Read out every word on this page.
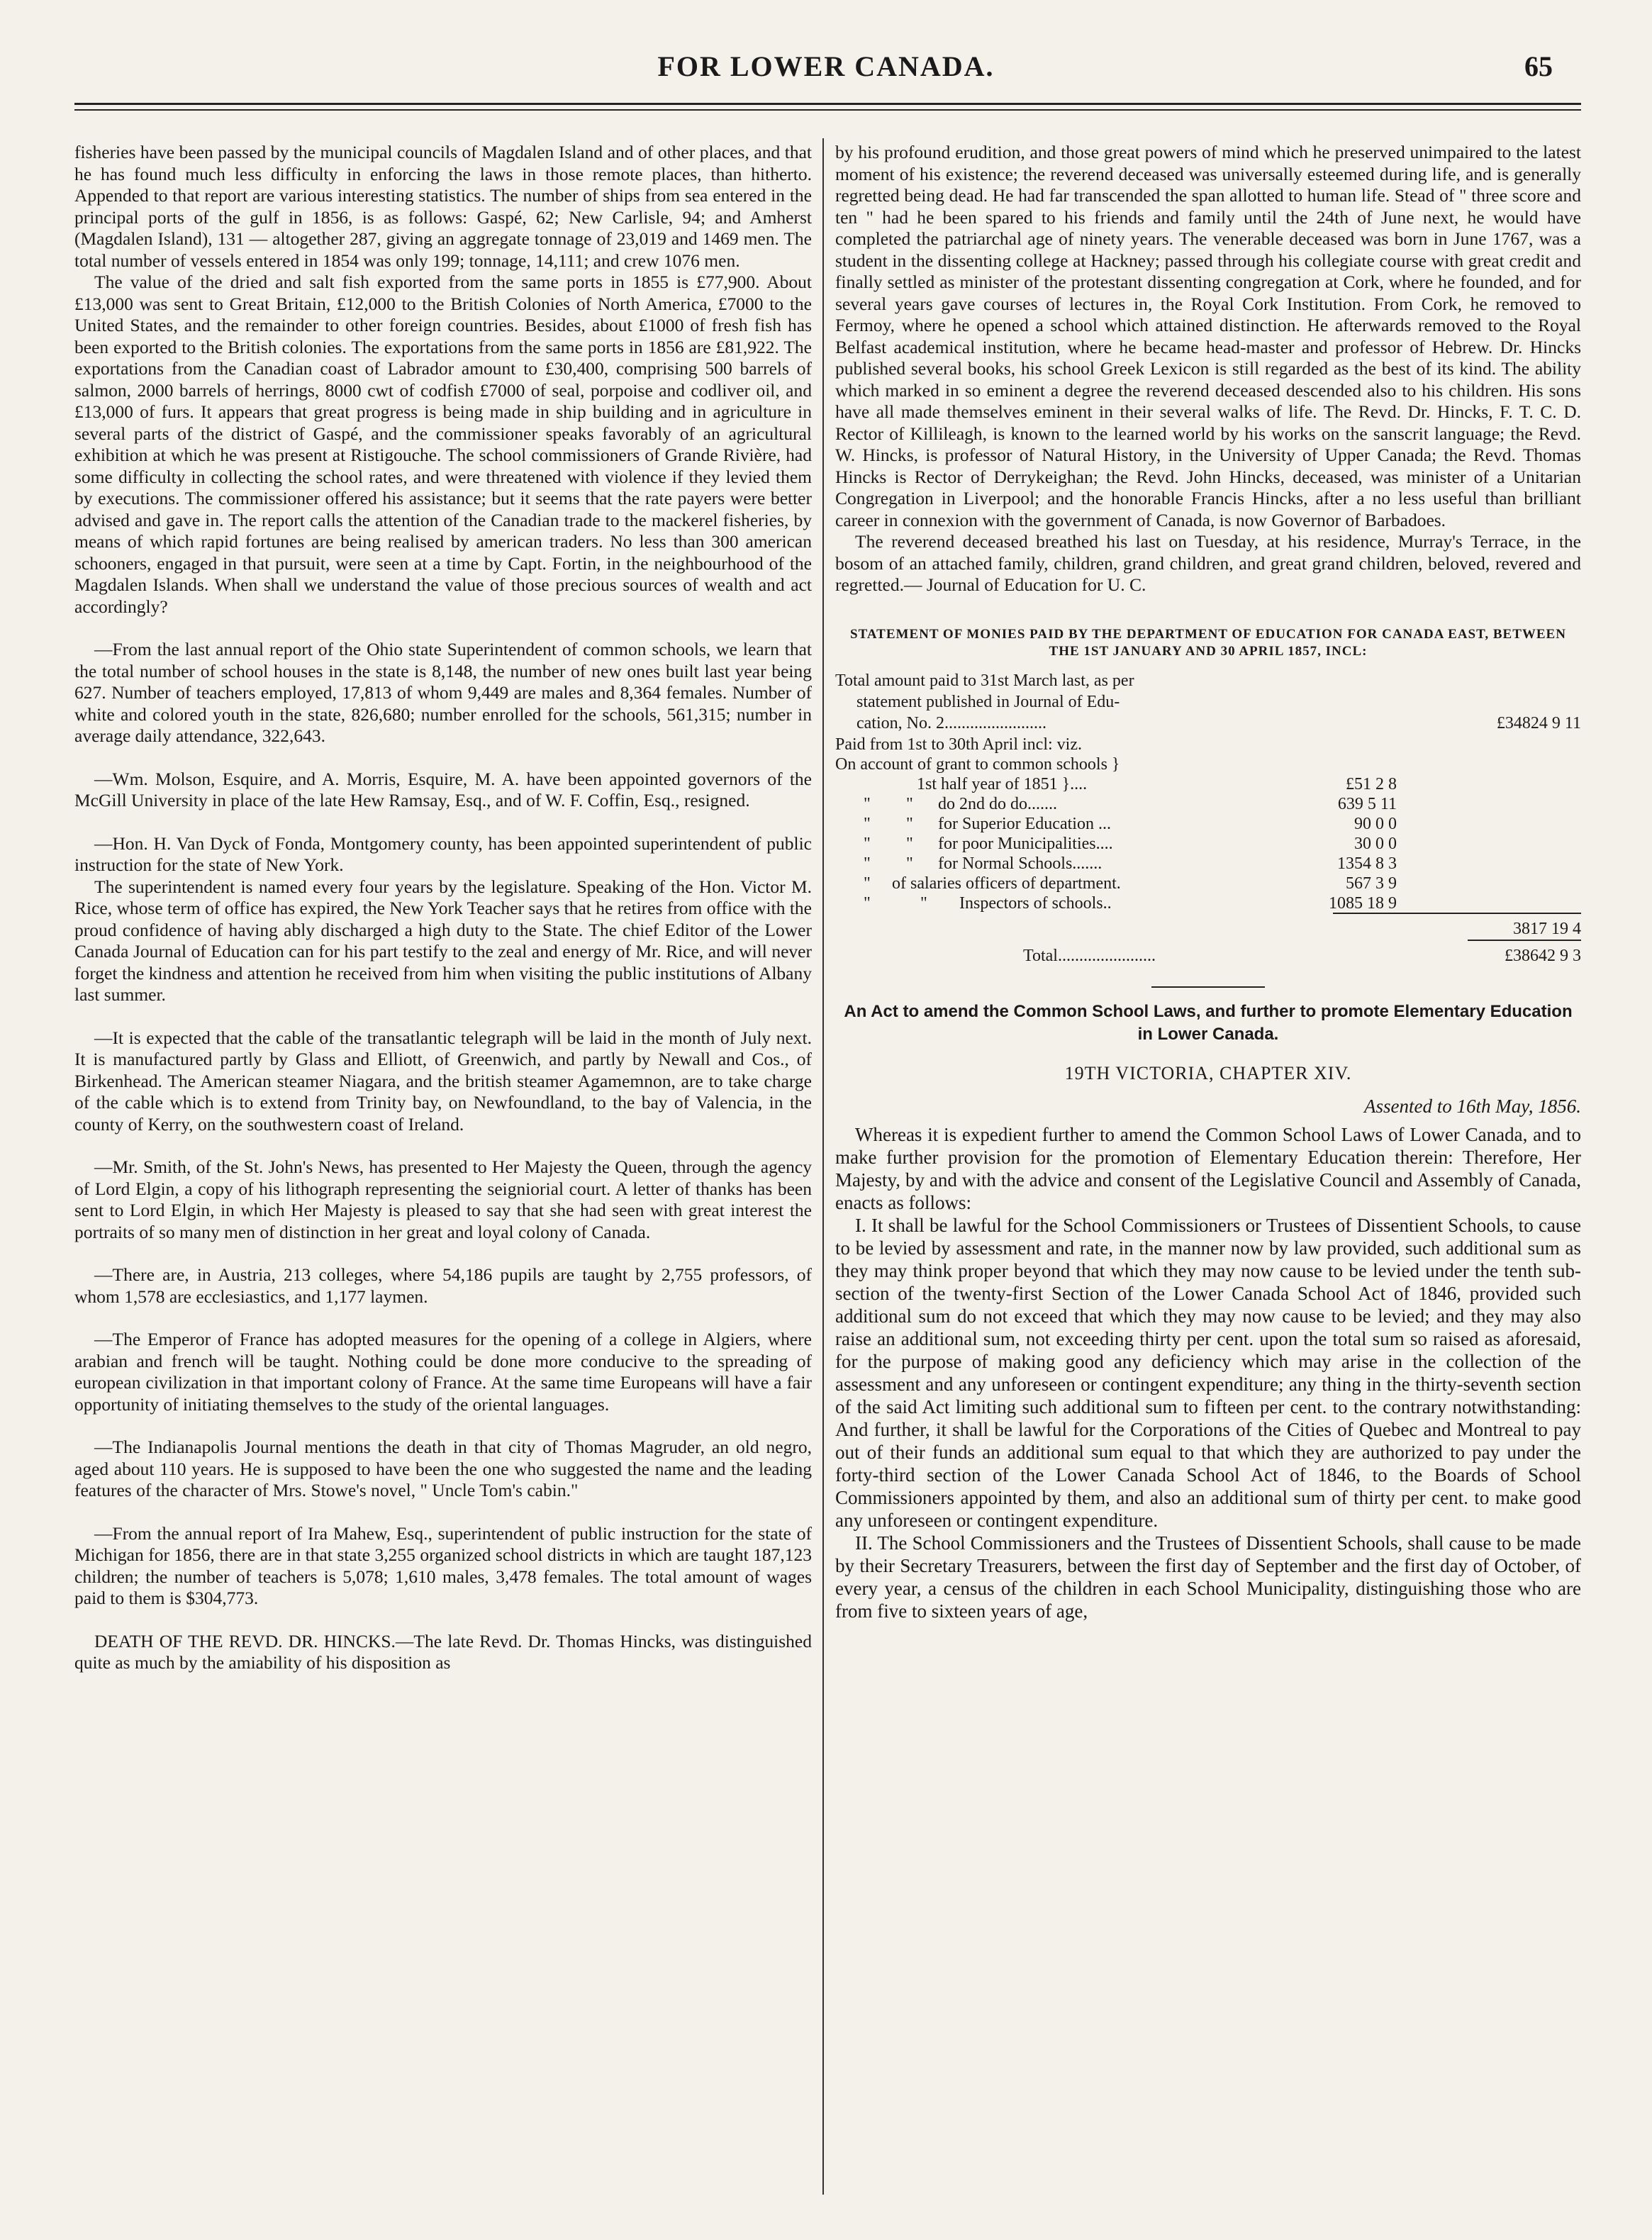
FOR LOWER CANADA.	65

fisheries have been passed by the municipal councils of Magdalen Island and of other places, and that he has found much less difficulty in enforcing the laws in those remote places, than hitherto. Appended to that report are various interesting statistics. The number of ships from sea entered in the principal ports of the gulf in 1856, is as follows: Gaspé, 62; New Carlisle, 94; and Amherst (Magdalen Island), 131 — altogether 287, giving an aggregate tonnage of 23,019 and 1469 men. The total number of vessels entered in 1854 was only 199; tonnage, 14,111; and crew 1076 men.

The value of the dried and salt fish exported from the same ports in 1855 is £77,900. About £13,000 was sent to Great Britain, £12,000 to the British Colonies of North America, £7000 to the United States, and the remainder to other foreign countries. Besides, about £1000 of fresh fish has been exported to the British colonies. The exportations from the same ports in 1856 are £81,922. The exportations from the Canadian coast of Labrador amount to £30,400, comprising 500 barrels of salmon, 2000 barrels of herrings, 8000 cwt of codfish £7000 of seal, porpoise and codliver oil, and £13,000 of furs. It appears that great progress is being made in ship building and in agriculture in several parts of the district of Gaspé, and the commissioner speaks favorably of an agricultural exhibition at which he was present at Ristigouche. The school commissioners of Grande Rivière, had some difficulty in collecting the school rates, and were threatened with violence if they levied them by executions. The commissioner offered his assistance; but it seems that the rate payers were better advised and gave in. The report calls the attention of the Canadian trade to the mackerel fisheries, by means of which rapid fortunes are being realised by american traders. No less than 300 american schooners, engaged in that pursuit, were seen at a time by Capt. Fortin, in the neighbourhood of the Magdalen Islands. When shall we understand the value of those precious sources of wealth and act accordingly?

—From the last annual report of the Ohio state Superintendent of common schools, we learn that the total number of school houses in the state is 8,148, the number of new ones built last year being 627. Number of teachers employed, 17,813 of whom 9,449 are males and 8,364 females. Number of white and colored youth in the state, 826,680; number enrolled for the schools, 561,315; number in average daily attendance, 322,643.

—Wm. Molson, Esquire, and A. Morris, Esquire, M. A. have been appointed governors of the McGill University in place of the late Hew Ramsay, Esq., and of W. F. Coffin, Esq., resigned.

—Hon. H. Van Dyck of Fonda, Montgomery county, has been appointed superintendent of public instruction for the state of New York.

The superintendent is named every four years by the legislature. Speaking of the Hon. Victor M. Rice, whose term of office has expired, the New York Teacher says that he retires from office with the proud confidence of having ably discharged a high duty to the State. The chief Editor of the Lower Canada Journal of Education can for his part testify to the zeal and energy of Mr. Rice, and will never forget the kindness and attention he received from him when visiting the public institutions of Albany last summer.

—It is expected that the cable of the transatlantic telegraph will be laid in the month of July next. It is manufactured partly by Glass and Elliott, of Greenwich, and partly by Newall and Cos., of Birkenhead. The American steamer Niagara, and the british steamer Agamemnon, are to take charge of the cable which is to extend from Trinity bay, on Newfoundland, to the bay of Valencia, in the county of Kerry, on the southwestern coast of Ireland.

—Mr. Smith, of the St. John's News, has presented to Her Majesty the Queen, through the agency of Lord Elgin, a copy of his lithograph representing the seigniorial court. A letter of thanks has been sent to Lord Elgin, in which Her Majesty is pleased to say that she had seen with great interest the portraits of so many men of distinction in her great and loyal colony of Canada.

—There are, in Austria, 213 colleges, where 54,186 pupils are taught by 2,755 professors, of whom 1,578 are ecclesiastics, and 1,177 laymen.

—The Emperor of France has adopted measures for the opening of a college in Algiers, where arabian and french will be taught. Nothing could be done more conducive to the spreading of european civilization in that important colony of France. At the same time Europeans will have a fair opportunity of initiating themselves to the study of the oriental languages.

—The Indianapolis Journal mentions the death in that city of Thomas Magruder, an old negro, aged about 110 years. He is supposed to have been the one who suggested the name and the leading features of the character of Mrs. Stowe's novel, " Uncle Tom's cabin."

—From the annual report of Ira Mahew, Esq., superintendent of public instruction for the state of Michigan for 1856, there are in that state 3,255 organized school districts in which are taught 187,123 children; the number of teachers is 5,078; 1,610 males, 3,478 females. The total amount of wages paid to them is $304,773.

DEATH OF THE REVD. DR. HINCKS.—The late Revd. Dr. Thomas Hincks, was distinguished quite as much by the amiability of his disposition as

by his profound erudition, and those great powers of mind which he preserved unimpaired to the latest moment of his existence; the reverend deceased was universally esteemed during life, and is generally regretted being dead. He had far transcended the span allotted to human life. Stead of " three score and ten " had he been spared to his friends and family until the 24th of June next, he would have completed the patriarchal age of ninety years. The venerable deceased was born in June 1767, was a student in the dissenting college at Hackney; passed through his collegiate course with great credit and finally settled as minister of the protestant dissenting congregation at Cork, where he founded, and for several years gave courses of lectures in, the Royal Cork Institution. From Cork, he removed to Fermoy, where he opened a school which attained distinction. He afterwards removed to the Royal Belfast academical institution, where he became head-master and professor of Hebrew. Dr. Hincks published several books, his school Greek Lexicon is still regarded as the best of its kind. The ability which marked in so eminent a degree the reverend deceased descended also to his children. His sons have all made themselves eminent in their several walks of life. The Revd. Dr. Hincks, F. T. C. D. Rector of Killileagh, is known to the learned world by his works on the sanscrit language; the Revd. W. Hincks, is professor of Natural History, in the University of Upper Canada; the Revd. Thomas Hincks is Rector of Derrykeighan; the Revd. John Hincks, deceased, was minister of a Unitarian Congregation in Liverpool; and the honorable Francis Hincks, after a no less useful than brilliant career in connexion with the government of Canada, is now Governor of Barbadoes.

The reverend deceased breathed his last on Tuesday, at his residence, Murray's Terrace, in the bosom of an attached family, children, grand children, and great grand children, beloved, revered and regretted.— Journal of Education for U. C.

STATEMENT OF MONIES PAID BY THE DEPARTMENT OF EDUCATION FOR CANADA EAST, BETWEEN THE 1ST JANUARY AND 30 APRIL 1857, INCL:

Total amount paid to 31st March last, as per
statement published in Journal of Edu-
cation, No. 2........................	£34824 9 11
Paid from 1st to 30th April incl: viz.
On account of grant to common schools }
1st half year of 1851 }....	£51 2 8
" " do 2nd do do.......	639 5 11
" " for Superior Education ...	90 0 0
" " for poor Municipalities....	30 0 0
" " for Normal Schools.......	1354 8 3
" of salaries officers of department.	567 3 9
"	" Inspectors of schools..	1085 18 9
3817 19 4
Total.......................	£38642 9 3

An Act to amend the Common School Laws, and further to promote Elementary Education in Lower Canada.

19TH VICTORIA, CHAPTER XIV.

Assented to 16th May, 1856.

Whereas it is expedient further to amend the Common School Laws of Lower Canada, and to make further provision for the promotion of Elementary Education therein: Therefore, Her Majesty, by and with the advice and consent of the Legislative Council and Assembly of Canada, enacts as follows:

I. It shall be lawful for the School Commissioners or Trustees of Dissentient Schools, to cause to be levied by assessment and rate, in the manner now by law provided, such additional sum as they may think proper beyond that which they may now cause to be levied under the tenth sub-section of the twenty-first Section of the Lower Canada School Act of 1846, provided such additional sum do not exceed that which they may now cause to be levied; and they may also raise an additional sum, not exceeding thirty per cent. upon the total sum so raised as aforesaid, for the purpose of making good any deficiency which may arise in the collection of the assessment and any unforeseen or contingent expenditure; any thing in the thirty-seventh section of the said Act limiting such additional sum to fifteen per cent. to the contrary notwithstanding: And further, it shall be lawful for the Corporations of the Cities of Quebec and Montreal to pay out of their funds an additional sum equal to that which they are authorized to pay under the forty-third section of the Lower Canada School Act of 1846, to the Boards of School Commissioners appointed by them, and also an additional sum of thirty per cent. to make good any unforeseen or contingent expenditure.

II. The School Commissioners and the Trustees of Dissentient Schools, shall cause to be made by their Secretary Treasurers, between the first day of September and the first day of October, of every year, a census of the children in each School Municipality, distinguishing those who are from five to sixteen years of age,
